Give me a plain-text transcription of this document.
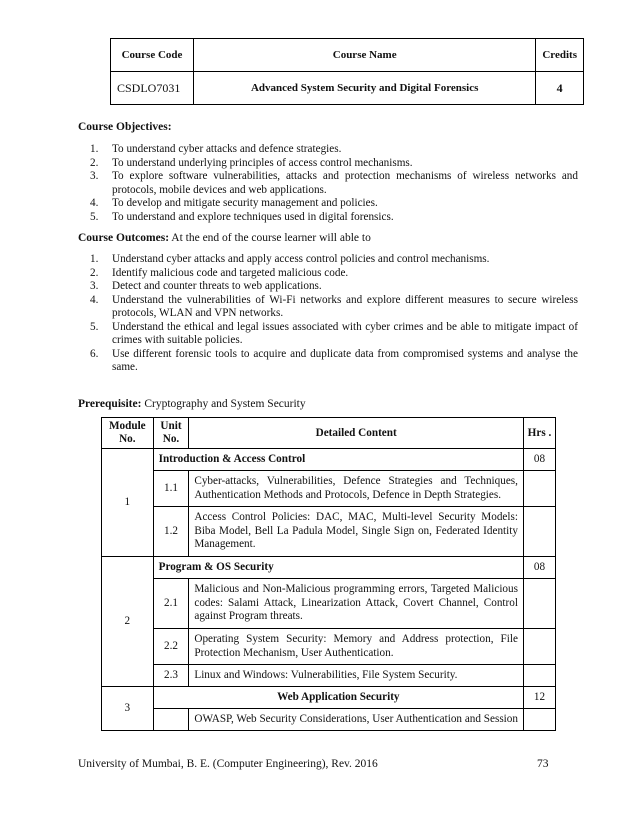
Course Code	Course Name	Credits
CSDLO7031	Advanced System Security and Digital Forensics	4
Course Objectives:
1. To understand cyber attacks and defence strategies.
2. To understand underlying principles of access control mechanisms.
3. To explore software vulnerabilities, attacks and protection mechanisms of wireless networks and protocols, mobile devices and web applications.
4. To develop and mitigate security management and policies.
5. To understand and explore techniques used in digital forensics.
Course Outcomes: At the end of the course learner will able to
1. Understand cyber attacks and apply access control policies and control mechanisms.
2. Identify malicious code and targeted malicious code.
3. Detect and counter threats to web applications.
4. Understand the vulnerabilities of Wi-Fi networks and explore different measures to secure wireless protocols, WLAN and VPN networks.
5. Understand the ethical and legal issues associated with cyber crimes and be able to mitigate impact of crimes with suitable policies.
6. Use different forensic tools to acquire and duplicate data from compromised systems and analyse the same.
Prerequisite: Cryptography and System Security
Module No.	Unit No.	Detailed Content	Hrs .
1	Introduction & Access Control		08
	1.1	Cyber-attacks, Vulnerabilities, Defence Strategies and Techniques, Authentication Methods and Protocols, Defence in Depth Strategies.	
	1.2	Access Control Policies: DAC, MAC, Multi-level Security Models: Biba Model, Bell La Padula Model, Single Sign on, Federated Identity Management.	
2	Program & OS Security		08
	2.1	Malicious and Non-Malicious programming errors, Targeted Malicious codes: Salami Attack, Linearization Attack, Covert Channel, Control against Program threats.	
	2.2	Operating System Security: Memory and Address protection, File Protection Mechanism, User Authentication.	
	2.3	Linux and Windows: Vulnerabilities, File System Security.	
3	Web Application Security		12
		OWASP, Web Security Considerations, User Authentication and Session	
University of Mumbai, B. E. (Computer Engineering), Rev. 2016	73
